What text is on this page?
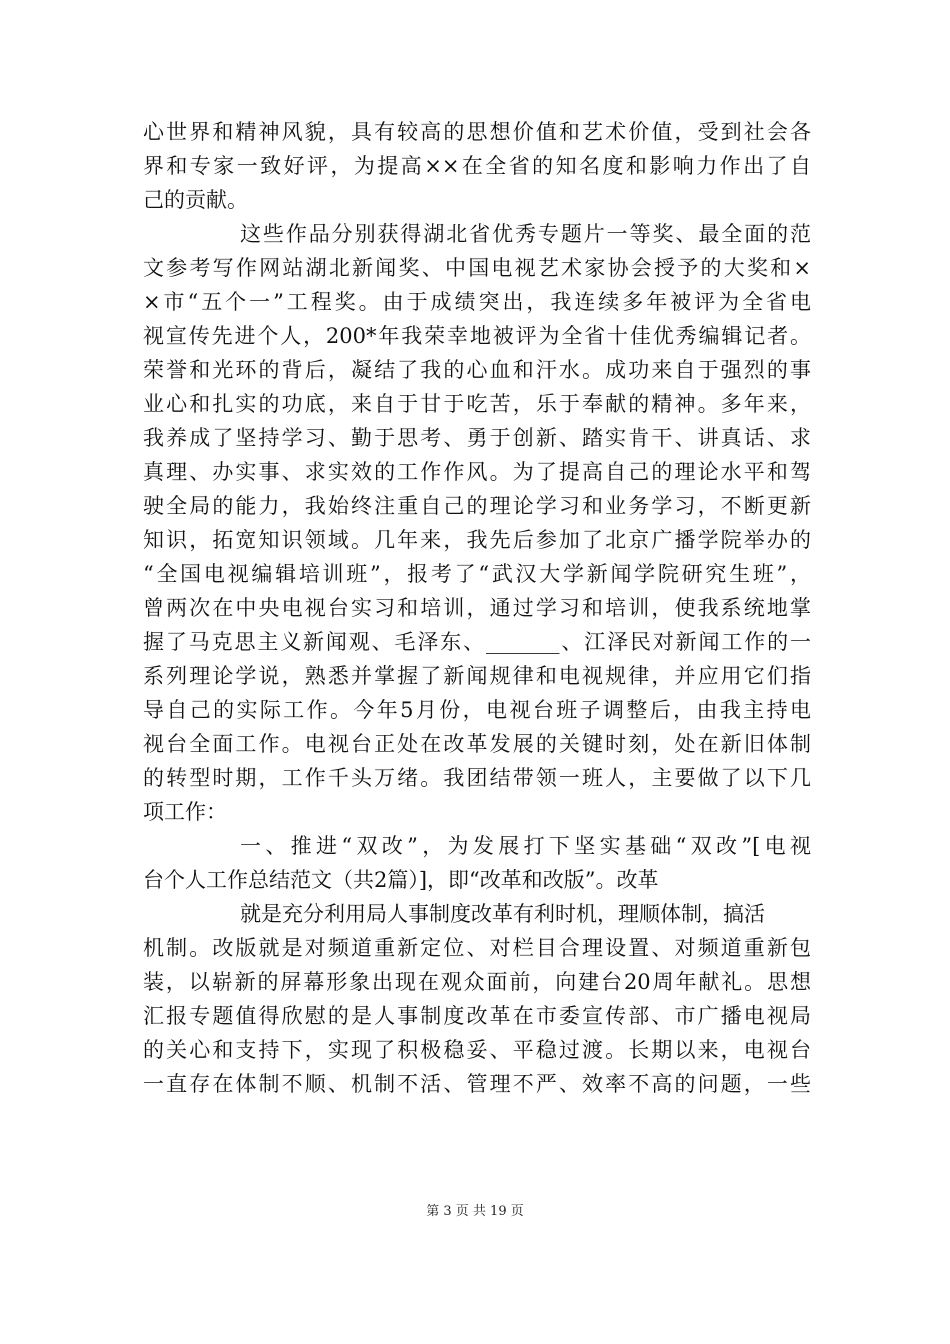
心世界和精神风貌，具有较高的思想价值和艺术价值，受到社会各
界和专家一致好评，为提高××在全省的知名度和影响力作出了自
己的贡献。
这些作品分别获得湖北省优秀专题片一等奖、最全面的范
文参考写作网站湖北新闻奖、中国电视艺术家协会授予的大奖和×
×市“五个一”工程奖。由于成绩突出，我连续多年被评为全省电
视宣传先进个人，200*年我荣幸地被评为全省十佳优秀编辑记者。
荣誉和光环的背后，凝结了我的心血和汗水。成功来自于强烈的事
业心和扎实的功底，来自于甘于吃苦，乐于奉献的精神。多年来，
我养成了坚持学习、勤于思考、勇于创新、踏实肯干、讲真话、求
真理、办实事、求实效的工作作风。为了提高自己的理论水平和驾
驶全局的能力，我始终注重自己的理论学习和业务学习，不断更新
知识，拓宽知识领域。几年来，我先后参加了北京广播学院举办的
“全国电视编辑培训班”，报考了“武汉大学新闻学院研究生班”，
曾两次在中央电视台实习和培训，通过学习和培训，使我系统地掌
握了马克思主义新闻观、毛泽东、_______、江泽民对新闻工作的一
系列理论学说，熟悉并掌握了新闻规律和电视规律，并应用它们指
导自己的实际工作。今年5月份，电视台班子调整后，由我主持电
视台全面工作。电视台正处在改革发展的关键时刻，处在新旧体制
的转型时期，工作千头万绪。我团结带领一班人，主要做了以下几
项工作：
一、推进“双改”，为发展打下坚实基础“双改”[电视
台个人工作总结范文（共2篇）]，即“改革和改版”。改革
就是充分利用局人事制度改革有利时机，理顺体制，搞活
机制。改版就是对频道重新定位、对栏目合理设置、对频道重新包
装，以崭新的屏幕形象出现在观众面前，向建台20周年献礼。思想
汇报专题值得欣慰的是人事制度改革在市委宣传部、市广播电视局
的关心和支持下，实现了积极稳妥、平稳过渡。长期以来，电视台
一直存在体制不顺、机制不活、管理不严、效率不高的问题，一些
第 3 页 共 19 页
